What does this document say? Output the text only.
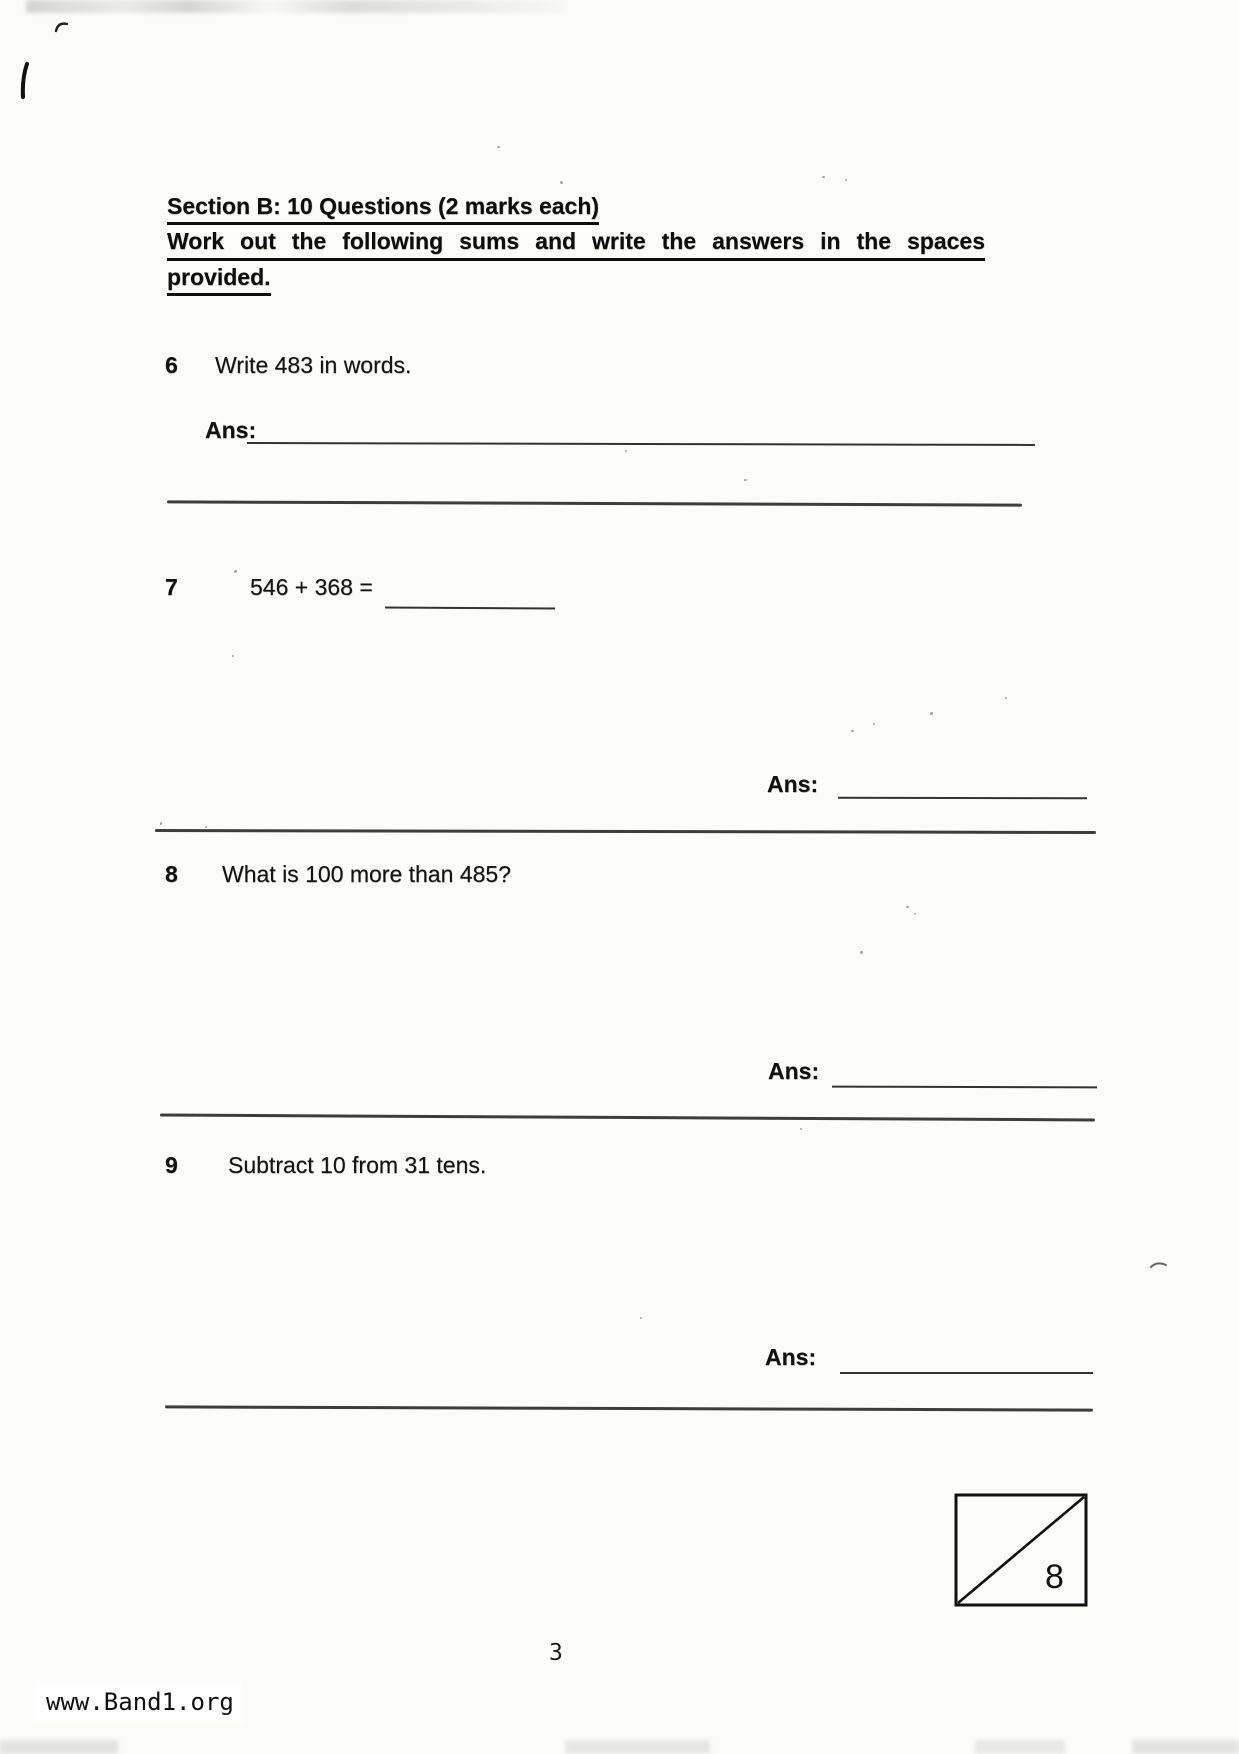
Section B: 10 Questions (2 marks each)
Work out the following sums and write the answers in the spaces
provided.
6 Write 483 in words.
Ans:
7	546 + 368 =
Ans:
8 What is 100 more than 485?
Ans:
9 Subtract 10 from 31 tens.
Ans:
8
3
www.Band1.org
